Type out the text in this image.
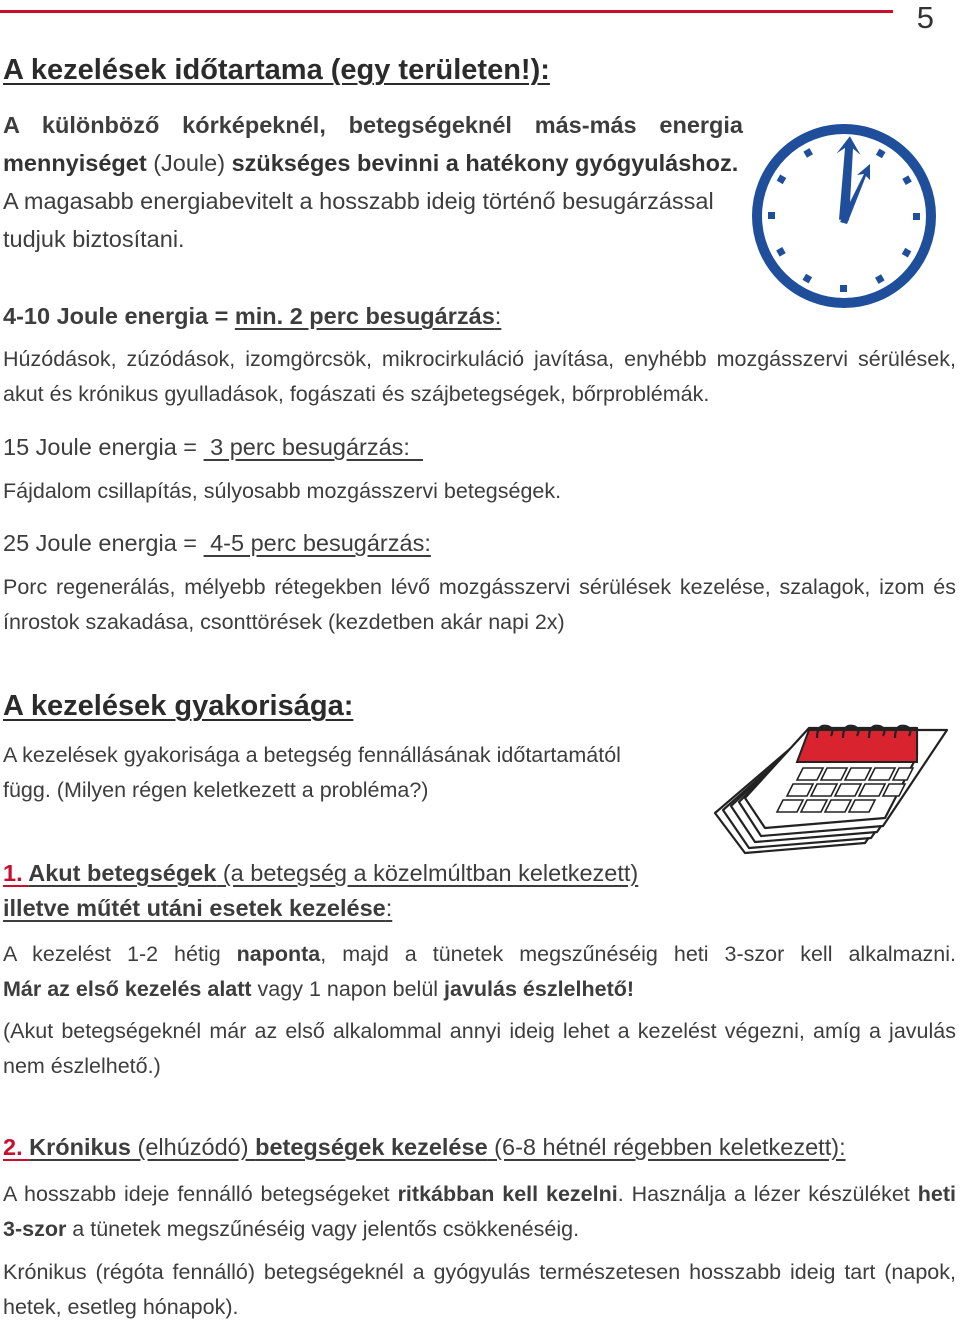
5
A kezelések időtartama (egy területen!):
A különböző kórképeknél, betegségeknél más-más energia
mennyiséget (Joule) szükséges bevinni a hatékony gyógyuláshoz.
A magasabb energiabevitelt a hosszabb ideig történő besugárzással
tudjuk biztosítani.
4-10 Joule energia = min. 2 perc besugárzás:
Húzódások, zúzódások, izomgörcsök, mikrocirkuláció javítása, enyhébb mozgásszervi sérülések, akut és krónikus gyulladások, fogászati és szájbetegségek, bőrproblémák.
15 Joule energia =  3 perc besugárzás:
Fájdalom csillapítás, súlyosabb mozgásszervi betegségek.
25 Joule energia =  4-5 perc besugárzás:
Porc regenerálás, mélyebb rétegekben lévő mozgásszervi sérülések kezelése, szalagok, izom és ínrostok szakadása, csonttörések (kezdetben akár napi 2x)
A kezelések gyakorisága:
A kezelések gyakorisága a betegség fennállásának időtartamától
függ. (Milyen régen keletkezett a probléma?)
1. Akut betegségek (a betegség a közelmúltban keletkezett)
illetve műtét utáni esetek kezelése:
A kezelést 1-2 hétig naponta, majd a tünetek megszűnéséig heti 3-szor kell alkalmazni.
Már az első kezelés alatt vagy 1 napon belül javulás észlelhető!
(Akut betegségeknél már az első alkalommal annyi ideig lehet a kezelést végezni, amíg a javulás nem észlelhető.)
2. Krónikus (elhúzódó) betegségek kezelése (6-8 hétnél régebben keletkezett):
A hosszabb ideje fennálló betegségeket ritkábban kell kezelni. Használja a lézer készüléket heti 3-szor a tünetek megszűnéséig vagy jelentős csökkenéséig.
Krónikus (régóta fennálló) betegségeknél a gyógyulás természetesen hosszabb ideig tart (napok, hetek, esetleg hónapok).
